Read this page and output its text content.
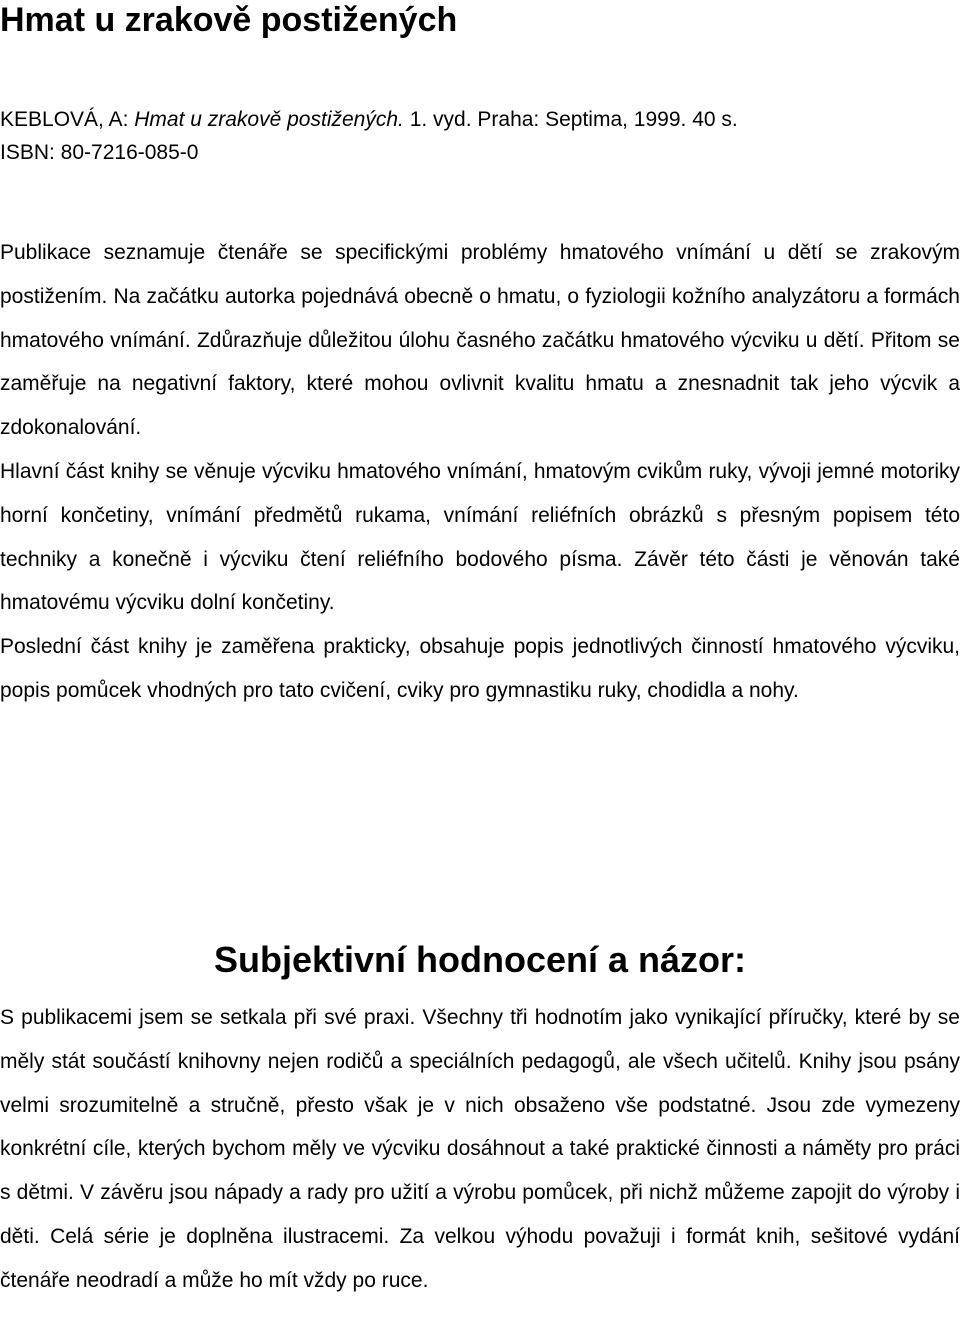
Hmat u zrakově postižených
KEBLOVÁ, A: Hmat u zrakově postižených. 1. vyd. Praha: Septima, 1999. 40 s.
ISBN: 80-7216-085-0

Publikace seznamuje čtenáře se specifickými problémy hmatového vnímání u dětí se zrakovým postižením. Na začátku autorka pojednává obecně o hmatu, o fyziologii kožního analyzátoru a formách hmatového vnímání. Zdůrazňuje důležitou úlohu časného začátku hmatového výcviku u dětí. Přitom se zaměřuje na negativní faktory, které mohou ovlivnit kvalitu hmatu a znesnadnit tak jeho výcvik a zdokonalování.

Hlavní část knihy se věnuje výcviku hmatového vnímání, hmatovým cvikům ruky, vývoji jemné motoriky horní končetiny, vnímání předmětů rukama, vnímání reliéfních obrázků s přesným popisem této techniky a konečně i výcviku čtení reliéfního bodového písma. Závěr této části je věnován také hmatovému výcviku dolní končetiny.

Poslední část knihy je zaměřena prakticky, obsahuje popis jednotlivých činností hmatového výcviku, popis pomůcek vhodných pro tato cvičení, cviky pro gymnastiku ruky, chodidla a nohy.

Subjektivní hodnocení a názor:

S publikacemi jsem se setkala při své praxi. Všechny tři hodnotím jako vynikající příručky, které by se měly stát součástí knihovny nejen rodičů a speciálních pedagogů, ale všech učitelů. Knihy jsou psány velmi srozumitelně a stručně, přesto však je v nich obsaženo vše podstatné. Jsou zde vymezeny konkrétní cíle, kterých bychom měly ve výcviku dosáhnout a také praktické činnosti a náměty pro práci s dětmi. V závěru jsou nápady a rady pro užití a výrobu pomůcek, při nichž můžeme zapojit do výroby i děti. Celá série je doplněna ilustracemi. Za velkou výhodu považuji i formát knih, sešitové vydání čtenáře neodradí a může ho mít vždy po ruce.
